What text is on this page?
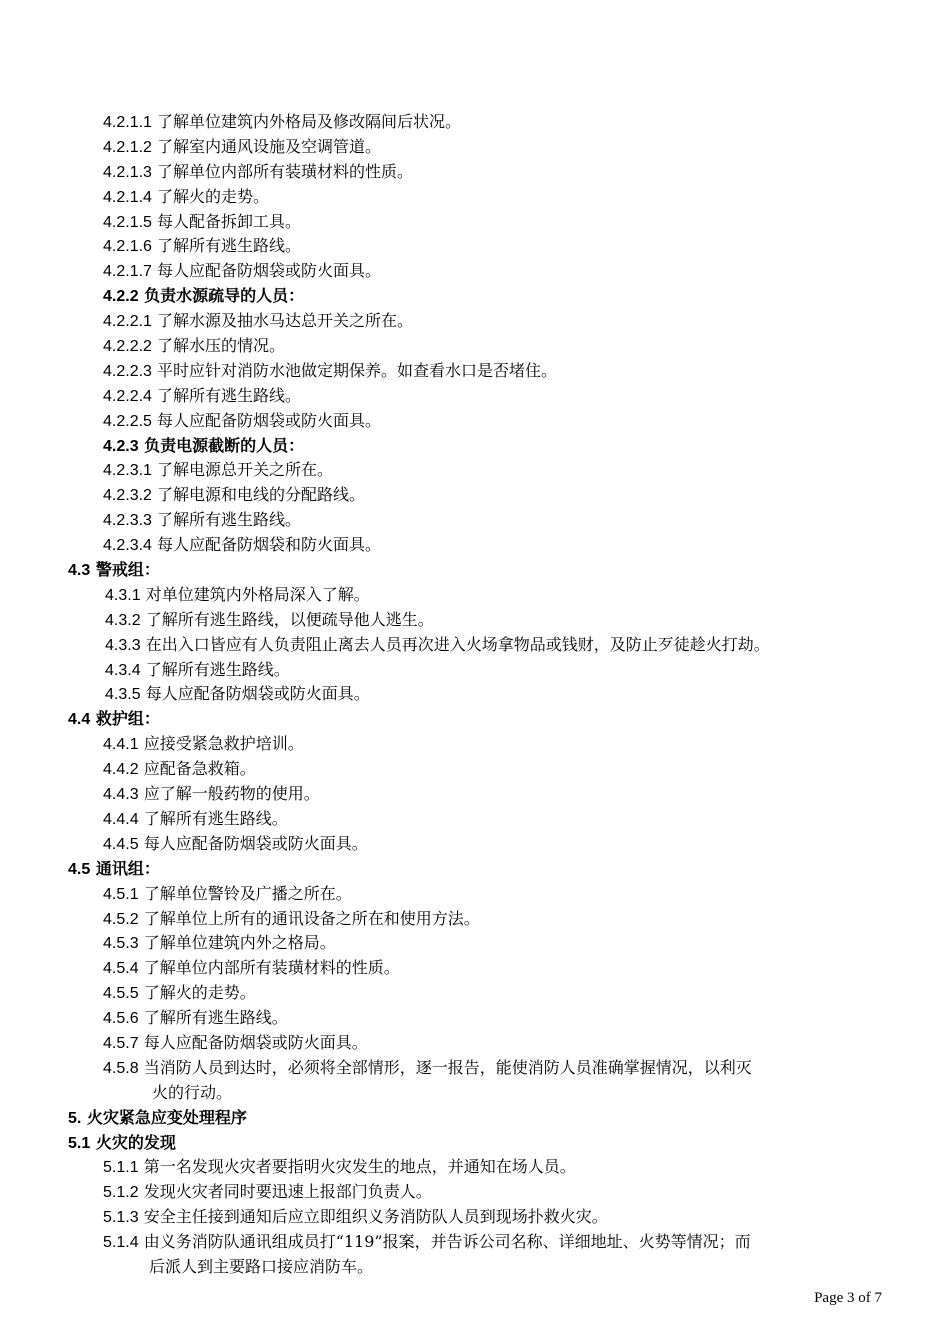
4.2.1.1 了解单位建筑内外格局及修改隔间后状况。
4.2.1.2 了解室内通风设施及空调管道。
4.2.1.3 了解单位内部所有装璜材料的性质。
4.2.1.4 了解火的走势。
4.2.1.5 每人配备拆卸工具。
4.2.1.6 了解所有逃生路线。
4.2.1.7 每人应配备防烟袋或防火面具。
4.2.2 负责水源疏导的人员：
4.2.2.1 了解水源及抽水马达总开关之所在。
4.2.2.2 了解水压的情况。
4.2.2.3 平时应针对消防水池做定期保养。如查看水口是否堵住。
4.2.2.4 了解所有逃生路线。
4.2.2.5 每人应配备防烟袋或防火面具。
4.2.3 负责电源截断的人员：
4.2.3.1 了解电源总开关之所在。
4.2.3.2 了解电源和电线的分配路线。
4.2.3.3 了解所有逃生路线。
4.2.3.4 每人应配备防烟袋和防火面具。
4.3 警戒组：
4.3.1 对单位建筑内外格局深入了解。
4.3.2 了解所有逃生路线，以便疏导他人逃生。
4.3.3 在出入口皆应有人负责阻止离去人员再次进入火场拿物品或钱财，及防止歹徒趁火打劫。
4.3.4 了解所有逃生路线。
4.3.5 每人应配备防烟袋或防火面具。
4.4 救护组：
4.4.1 应接受紧急救护培训。
4.4.2 应配备急救箱。
4.4.3 应了解一般药物的使用。
4.4.4 了解所有逃生路线。
4.4.5 每人应配备防烟袋或防火面具。
4.5 通讯组：
4.5.1 了解单位警铃及广播之所在。
4.5.2 了解单位上所有的通讯设备之所在和使用方法。
4.5.3 了解单位建筑内外之格局。
4.5.4 了解单位内部所有装璜材料的性质。
4.5.5 了解火的走势。
4.5.6 了解所有逃生路线。
4.5.7 每人应配备防烟袋或防火面具。
4.5.8 当消防人员到达时，必须将全部情形，逐一报告，能使消防人员准确掌握情况，以利灭
火的行动。
5. 火灾紧急应变处理程序
5.1 火灾的发现
5.1.1 第一名发现火灾者要指明火灾发生的地点，并通知在场人员。
5.1.2 发现火灾者同时要迅速上报部门负责人。
5.1.3 安全主任接到通知后应立即组织义务消防队人员到现场扑救火灾。
5.1.4 由义务消防队通讯组成员打“119”报案，并告诉公司名称、详细地址、火势等情况；而
后派人到主要路口接应消防车。
Page 3 of 7
